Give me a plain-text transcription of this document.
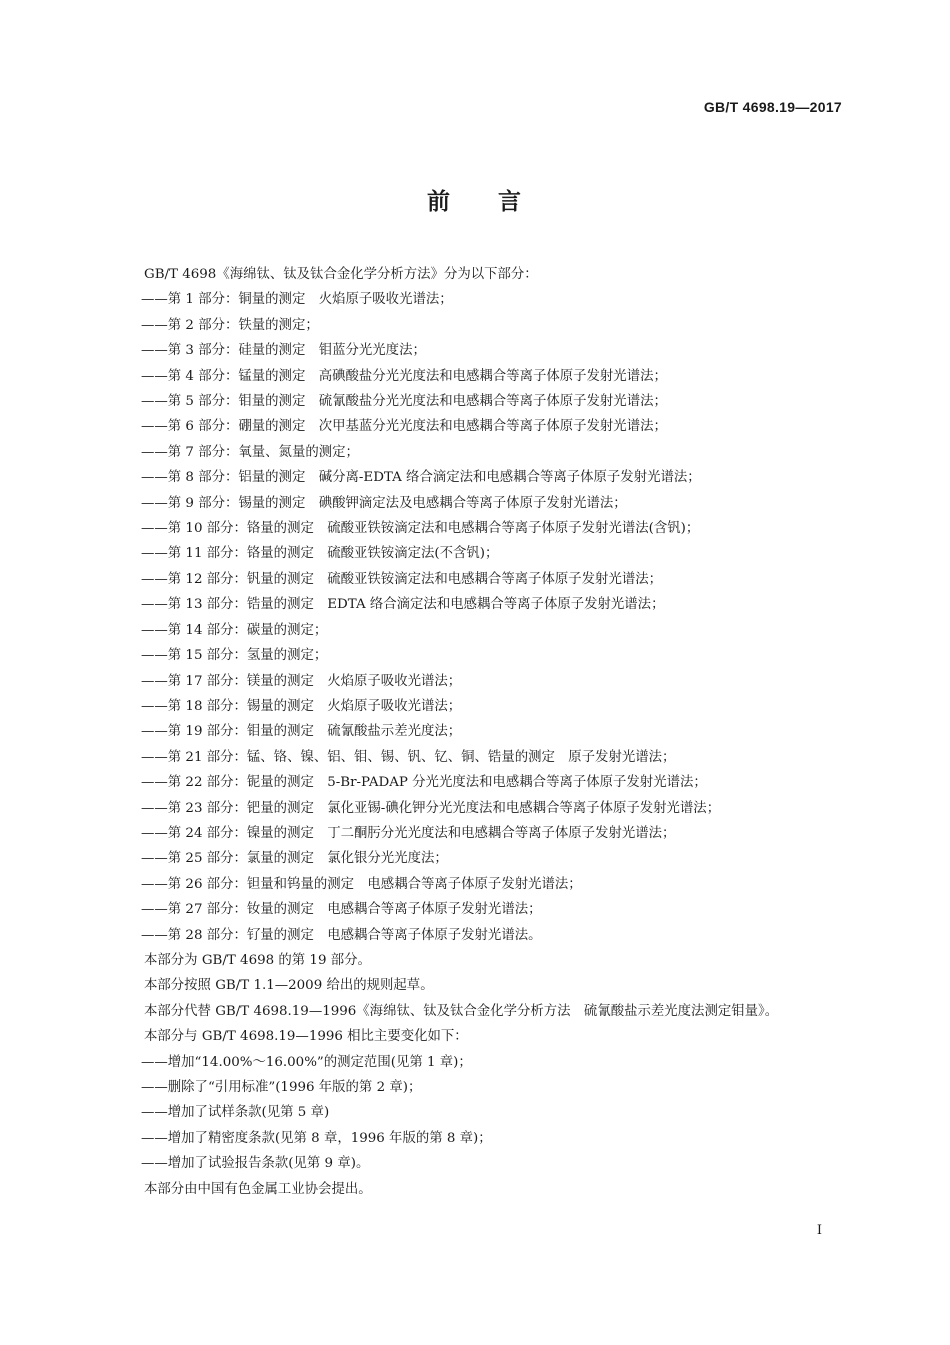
GB/T 4698.19—2017
前 言
GB/T 4698《海绵钛、钛及钛合金化学分析方法》分为以下部分：
——第 1 部分：铜量的测定　火焰原子吸收光谱法；
——第 2 部分：铁量的测定；
——第 3 部分：硅量的测定　钼蓝分光光度法；
——第 4 部分：锰量的测定　高碘酸盐分光光度法和电感耦合等离子体原子发射光谱法；
——第 5 部分：钼量的测定　硫氰酸盐分光光度法和电感耦合等离子体原子发射光谱法；
——第 6 部分：硼量的测定　次甲基蓝分光光度法和电感耦合等离子体原子发射光谱法；
——第 7 部分：氧量、氮量的测定；
——第 8 部分：铝量的测定　碱分离-EDTA 络合滴定法和电感耦合等离子体原子发射光谱法；
——第 9 部分：锡量的测定　碘酸钾滴定法及电感耦合等离子体原子发射光谱法；
——第 10 部分：铬量的测定　硫酸亚铁铵滴定法和电感耦合等离子体原子发射光谱法(含钒)；
——第 11 部分：铬量的测定　硫酸亚铁铵滴定法(不含钒)；
——第 12 部分：钒量的测定　硫酸亚铁铵滴定法和电感耦合等离子体原子发射光谱法；
——第 13 部分：锆量的测定　EDTA 络合滴定法和电感耦合等离子体原子发射光谱法；
——第 14 部分：碳量的测定；
——第 15 部分：氢量的测定；
——第 17 部分：镁量的测定　火焰原子吸收光谱法；
——第 18 部分：锡量的测定　火焰原子吸收光谱法；
——第 19 部分：钼量的测定　硫氰酸盐示差光度法；
——第 21 部分：锰、铬、镍、铝、钼、锡、钒、钇、铜、锆量的测定　原子发射光谱法；
——第 22 部分：铌量的测定　5-Br-PADAP 分光光度法和电感耦合等离子体原子发射光谱法；
——第 23 部分：钯量的测定　氯化亚锡-碘化钾分光光度法和电感耦合等离子体原子发射光谱法；
——第 24 部分：镍量的测定　丁二酮肟分光光度法和电感耦合等离子体原子发射光谱法；
——第 25 部分：氯量的测定　氯化银分光光度法；
——第 26 部分：钽量和钨量的测定　电感耦合等离子体原子发射光谱法；
——第 27 部分：钕量的测定　电感耦合等离子体原子发射光谱法；
——第 28 部分：钌量的测定　电感耦合等离子体原子发射光谱法。
本部分为 GB/T 4698 的第 19 部分。
本部分按照 GB/T 1.1—2009 给出的规则起草。
本部分代替 GB/T 4698.19—1996《海绵钛、钛及钛合金化学分析方法　硫氰酸盐示差光度法测定钼量》。
本部分与 GB/T 4698.19—1996 相比主要变化如下：
——增加“14.00%～16.00%”的测定范围(见第 1 章)；
——删除了“引用标准”(1996 年版的第 2 章)；
——增加了试样条款(见第 5 章)
——增加了精密度条款(见第 8 章，1996 年版的第 8 章)；
——增加了试验报告条款(见第 9 章)。
本部分由中国有色金属工业协会提出。
I
